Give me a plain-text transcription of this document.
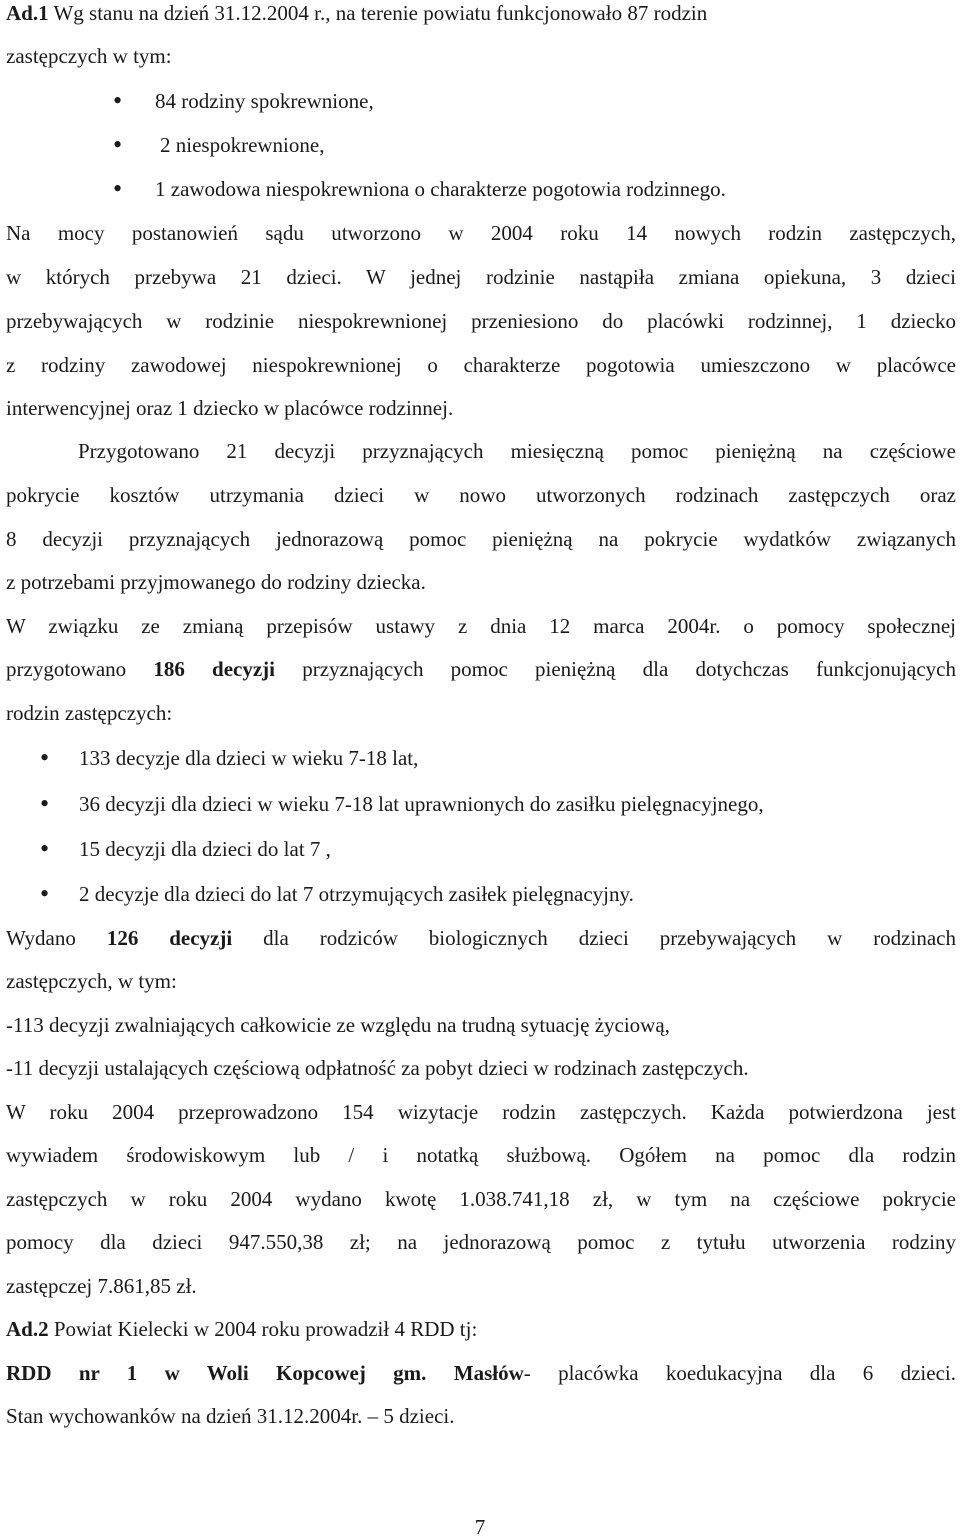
Ad.1 Wg stanu na dzień 31.12.2004 r., na terenie powiatu funkcjonowało 87 rodzin
zastępczych w tym:
• 84 rodziny spokrewnione,
• 2 niespokrewnione,
• 1 zawodowa niespokrewniona o charakterze pogotowia rodzinnego.
Na mocy postanowień sądu utworzono w 2004 roku 14 nowych rodzin zastępczych,
w których przebywa 21 dzieci. W jednej rodzinie nastąpiła zmiana opiekuna, 3 dzieci
przebywających w rodzinie niespokrewnionej przeniesiono do placówki rodzinnej, 1 dziecko
z rodziny zawodowej niespokrewnionej o charakterze pogotowia umieszczono w placówce
interwencyjnej oraz 1 dziecko w placówce rodzinnej.
Przygotowano 21 decyzji przyznających miesięczną pomoc pieniężną na częściowe
pokrycie kosztów utrzymania dzieci w nowo utworzonych rodzinach zastępczych oraz
8 decyzji przyznających jednorazową pomoc pieniężną na pokrycie wydatków związanych
z potrzebami przyjmowanego do rodziny dziecka.
W związku ze zmianą przepisów ustawy z dnia 12 marca 2004r. o pomocy społecznej
przygotowano 186 decyzji przyznających pomoc pieniężną dla dotychczas funkcjonujących
rodzin zastępczych:
• 133 decyzje dla dzieci w wieku 7-18 lat,
• 36 decyzji dla dzieci w wieku 7-18 lat uprawnionych do zasiłku pielęgnacyjnego,
• 15 decyzji dla dzieci do lat 7 ,
• 2 decyzje dla dzieci do lat 7 otrzymujących zasiłek pielęgnacyjny.
Wydano 126 decyzji dla rodziców biologicznych dzieci przebywających w rodzinach
zastępczych, w tym:
-113 decyzji zwalniających całkowicie ze względu na trudną sytuację życiową,
-11 decyzji ustalających częściową odpłatność za pobyt dzieci w rodzinach zastępczych.
W roku 2004 przeprowadzono 154 wizytacje rodzin zastępczych. Każda potwierdzona jest
wywiadem środowiskowym lub / i notatką służbową. Ogółem na pomoc dla rodzin
zastępczych w roku 2004 wydano kwotę 1.038.741,18 zł, w tym na częściowe pokrycie
pomocy dla dzieci 947.550,38 zł; na jednorazową pomoc z tytułu utworzenia rodziny
zastępczej 7.861,85 zł.
Ad.2 Powiat Kielecki w 2004 roku prowadził 4 RDD tj:
RDD nr 1 w Woli Kopcowej gm. Masłów- placówka koedukacyjna dla 6 dzieci.
Stan wychowanków na dzień 31.12.2004r. – 5 dzieci.
7
